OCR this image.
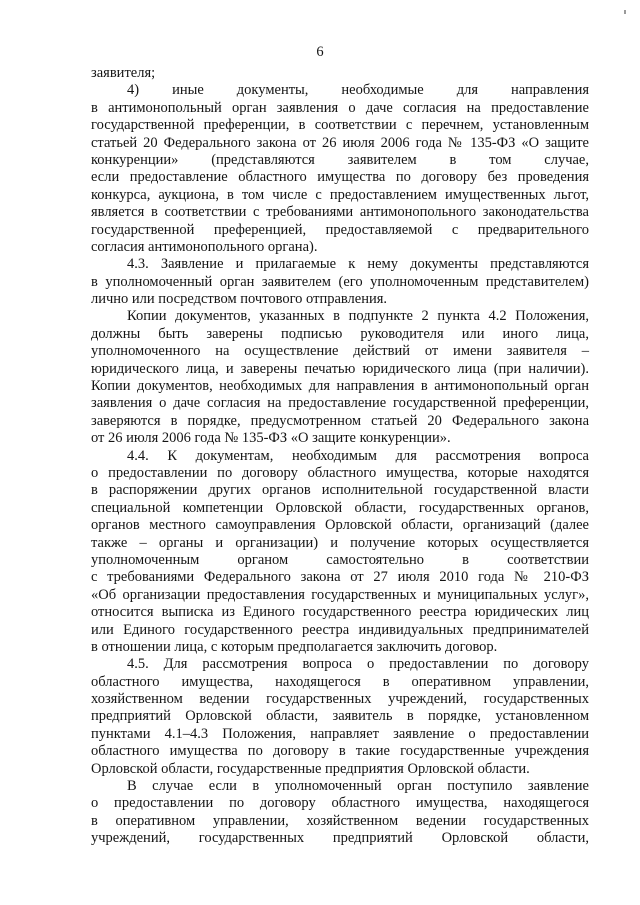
6
заявителя;
4) иные документы, необходимые для направления
в антимонопольный орган заявления о даче согласия на предоставление
государственной преференции, в соответствии с перечнем, установленным
статьей 20 Федерального закона от 26 июля 2006 года № 135-ФЗ «О защите
конкуренции» (представляются заявителем в том случае,
если предоставление областного имущества по договору без проведения
конкурса, аукциона, в том числе с предоставлением имущественных льгот,
является в соответствии с требованиями антимонопольного законодательства
государственной преференцией, предоставляемой с предварительного
согласия антимонопольного органа).
4.3. Заявление и прилагаемые к нему документы представляются
в уполномоченный орган заявителем (его уполномоченным представителем)
лично или посредством почтового отправления.
Копии документов, указанных в подпункте 2 пункта 4.2 Положения,
должны быть заверены подписью руководителя или иного лица,
уполномоченного на осуществление действий от имени заявителя –
юридического лица, и заверены печатью юридического лица (при наличии).
Копии документов, необходимых для направления в антимонопольный орган
заявления о даче согласия на предоставление государственной преференции,
заверяются в порядке, предусмотренном статьей 20 Федерального закона
от 26 июля 2006 года № 135-ФЗ «О защите конкуренции».
4.4. К документам, необходимым для рассмотрения вопроса
о предоставлении по договору областного имущества, которые находятся
в распоряжении других органов исполнительной государственной власти
специальной компетенции Орловской области, государственных органов,
органов местного самоуправления Орловской области, организаций (далее
также – органы и организации) и получение которых осуществляется
уполномоченным органом самостоятельно в соответствии
с требованиями Федерального закона от 27 июля 2010 года № 210-ФЗ
«Об организации предоставления государственных и муниципальных услуг»,
относится выписка из Единого государственного реестра юридических лиц
или Единого государственного реестра индивидуальных предпринимателей
в отношении лица, с которым предполагается заключить договор.
4.5. Для рассмотрения вопроса о предоставлении по договору
областного имущества, находящегося в оперативном управлении,
хозяйственном ведении государственных учреждений, государственных
предприятий Орловской области, заявитель в порядке, установленном
пунктами 4.1–4.3 Положения, направляет заявление о предоставлении
областного имущества по договору в такие государственные учреждения
Орловской области, государственные предприятия Орловской области.
В случае если в уполномоченный орган поступило заявление
о предоставлении по договору областного имущества, находящегося
в оперативном управлении, хозяйственном ведении государственных
учреждений, государственных предприятий Орловской области,
